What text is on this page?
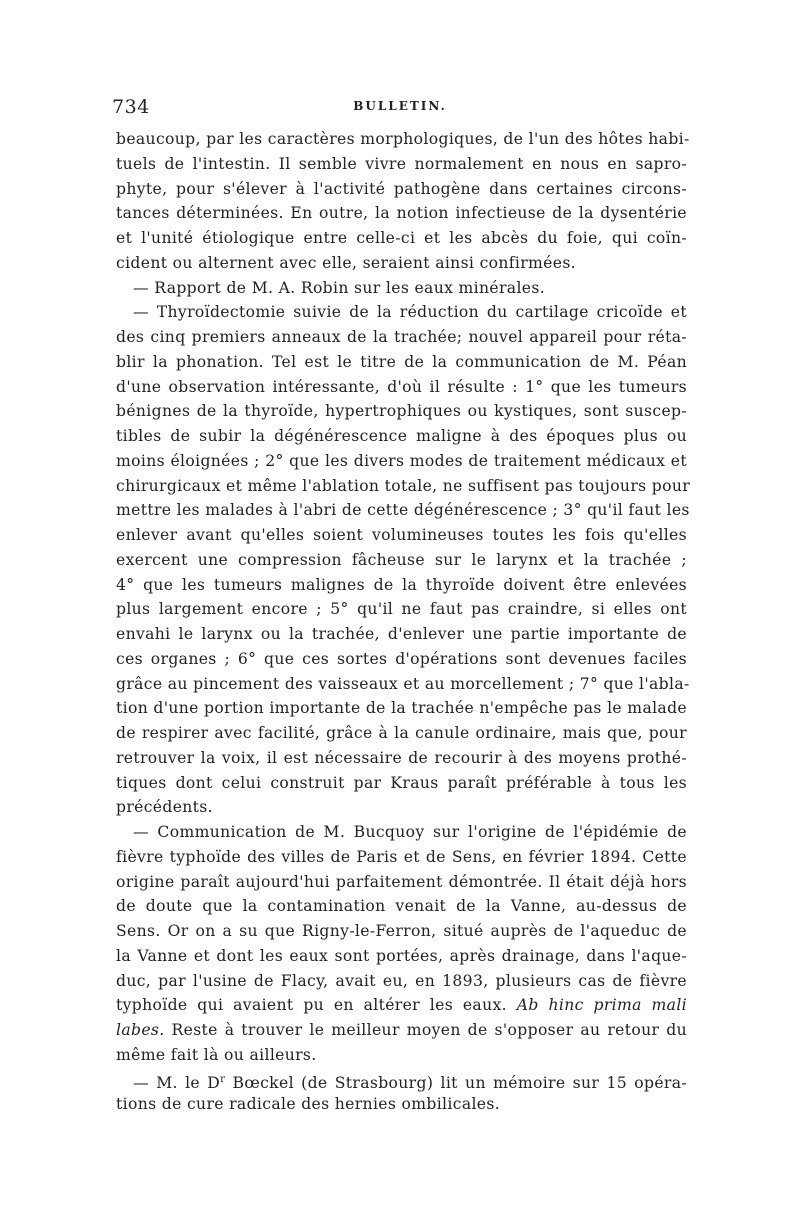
734	BULLETIN.
beaucoup, par les caractères morphologiques, de l'un des hôtes habi-
tuels de l'intestin. Il semble vivre normalement en nous en sapro-
phyte, pour s'élever à l'activité pathogène dans certaines circons-
tances déterminées. En outre, la notion infectieuse de la dysentérie
et l'unité étiologique entre celle-ci et les abcès du foie, qui coïn-
cident ou alternent avec elle, seraient ainsi confirmées.
— Rapport de M. A. Robin sur les eaux minérales.
— Thyroïdectomie suivie de la réduction du cartilage cricoïde et
des cinq premiers anneaux de la trachée; nouvel appareil pour réta-
blir la phonation. Tel est le titre de la communication de M. Péan
d'une observation intéressante, d'où il résulte : 1° que les tumeurs
bénignes de la thyroïde, hypertrophiques ou kystiques, sont suscep-
tibles de subir la dégénérescence maligne à des époques plus ou
moins éloignées ; 2° que les divers modes de traitement médicaux et
chirurgicaux et même l'ablation totale, ne suffisent pas toujours pour
mettre les malades à l'abri de cette dégénérescence ; 3° qu'il faut les
enlever avant qu'elles soient volumineuses toutes les fois qu'elles
exercent une compression fâcheuse sur le larynx et la trachée ;
4° que les tumeurs malignes de la thyroïde doivent être enlevées
plus largement encore ; 5° qu'il ne faut pas craindre, si elles ont
envahi le larynx ou la trachée, d'enlever une partie importante de
ces organes ; 6° que ces sortes d'opérations sont devenues faciles
grâce au pincement des vaisseaux et au morcellement ; 7° que l'abla-
tion d'une portion importante de la trachée n'empêche pas le malade
de respirer avec facilité, grâce à la canule ordinaire, mais que, pour
retrouver la voix, il est nécessaire de recourir à des moyens prothé-
tiques dont celui construit par Kraus paraît préférable à tous les
précédents.
— Communication de M. Bucquoy sur l'origine de l'épidémie de
fièvre typhoïde des villes de Paris et de Sens, en février 1894. Cette
origine paraît aujourd'hui parfaitement démontrée. Il était déjà hors
de doute que la contamination venait de la Vanne, au-dessus de
Sens. Or on a su que Rigny-le-Ferron, situé auprès de l'aqueduc de
la Vanne et dont les eaux sont portées, après drainage, dans l'aque-
duc, par l'usine de Flacy, avait eu, en 1893, plusieurs cas de fièvre
typhoïde qui avaient pu en altérer les eaux. Ab hinc prima mali
labes. Reste à trouver le meilleur moyen de s'opposer au retour du
même fait là ou ailleurs.
— M. le $D^r$ Bœckel (de Strasbourg) lit un mémoire sur 15 opéra-
tions de cure radicale des hernies ombilicales.
